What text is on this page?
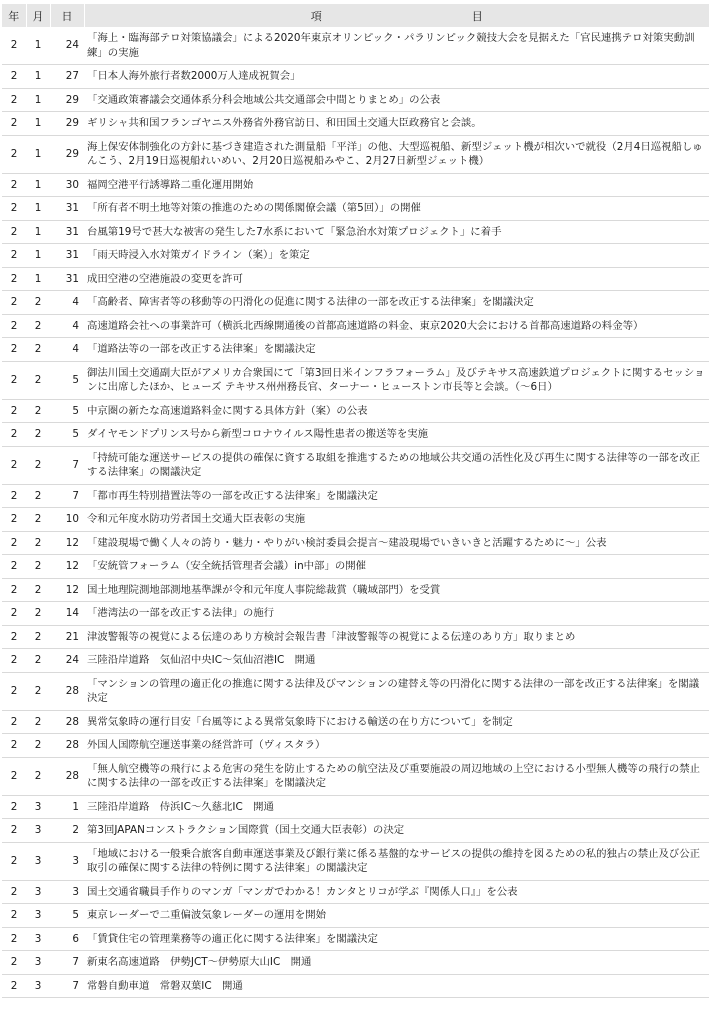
年	月	日	項 目
2	1	24	「海上・臨海部テロ対策協議会」による2020年東京オリンピック・パラリンピック競技大会を見据えた「官民連携テロ対策実動訓練」の実施
2	1	27	「日本人海外旅行者数2000万人達成祝賀会」
2	1	29	「交通政策審議会交通体系分科会地域公共交通部会中間とりまとめ」の公表
2	1	29	ギリシャ共和国フランゴヤニス外務省外務官訪日、和田国土交通大臣政務官と会談。
2	1	29	海上保安体制強化の方針に基づき建造された測量船「平洋」の他、大型巡視船、新型ジェット機が相次いで就役（2月4日巡視船しゅんこう、2月19日巡視船れいめい、2月20日巡視船みやこ、2月27日新型ジェット機）
2	1	30	福岡空港平行誘導路二重化運用開始
2	1	31	「所有者不明土地等対策の推進のための関係閣僚会議（第5回）」の開催
2	1	31	台風第19号で甚大な被害の発生した7水系において「緊急治水対策プロジェクト」に着手
2	1	31	「雨天時浸入水対策ガイドライン（案）」を策定
2	1	31	成田空港の空港施設の変更を許可
2	2	4	「高齢者、障害者等の移動等の円滑化の促進に関する法律の一部を改正する法律案」を閣議決定
2	2	4	高速道路会社への事業許可（横浜北西線開通後の首都高速道路の料金、東京2020大会における首都高速道路の料金等）
2	2	4	「道路法等の一部を改正する法律案」を閣議決定
2	2	5	御法川国土交通副大臣がアメリカ合衆国にて「第3回日米インフラフォーラム」及びテキサス高速鉄道プロジェクトに関するセッションに出席したほか、ヒューズ テキサス州州務長官、ターナー・ヒューストン市長等と会談。（～6日）
2	2	5	中京圏の新たな高速道路料金に関する具体方針（案）の公表
2	2	5	ダイヤモンドプリンス号から新型コロナウイルス陽性患者の搬送等を実施
2	2	7	「持続可能な運送サービスの提供の確保に資する取組を推進するための地域公共交通の活性化及び再生に関する法律等の一部を改正する法律案」の閣議決定
2	2	7	「都市再生特別措置法等の一部を改正する法律案」を閣議決定
2	2	10	令和元年度水防功労者国土交通大臣表彰の実施
2	2	12	「建設現場で働く人々の誇り・魅力・やりがい検討委員会提言～建設現場でいきいきと活躍するために～」公表
2	2	12	「安統管フォーラム（安全統括管理者会議）in中部」の開催
2	2	12	国土地理院測地部測地基準課が令和元年度人事院総裁賞（職域部門）を受賞
2	2	14	「港湾法の一部を改正する法律」の施行
2	2	21	津波警報等の視覚による伝達のあり方検討会報告書「津波警報等の視覚による伝達のあり方」取りまとめ
2	2	24	三陸沿岸道路　気仙沼中央IC～気仙沼港IC　開通
2	2	28	「マンションの管理の適正化の推進に関する法律及びマンションの建替え等の円滑化に関する法律の一部を改正する法律案」を閣議決定
2	2	28	異常気象時の運行目安「台風等による異常気象時下における輸送の在り方について」を制定
2	2	28	外国人国際航空運送事業の経営許可（ヴィスタラ）
2	2	28	「無人航空機等の飛行による危害の発生を防止するための航空法及び重要施設の周辺地域の上空における小型無人機等の飛行の禁止に関する法律の一部を改正する法律案」を閣議決定
2	3	1	三陸沿岸道路　侍浜IC～久慈北IC　開通
2	3	2	第3回JAPANコンストラクション国際賞（国土交通大臣表彰）の決定
2	3	3	「地域における一般乗合旅客自動車運送事業及び銀行業に係る基盤的なサービスの提供の維持を図るための私的独占の禁止及び公正取引の確保に関する法律の特例に関する法律案」の閣議決定
2	3	3	国土交通省職員手作りのマンガ「マンガでわかる！カンタとリコが学ぶ『関係人口』」を公表
2	3	5	東京レーダーで二重偏波気象レーダーの運用を開始
2	3	6	「賃貸住宅の管理業務等の適正化に関する法律案」を閣議決定
2	3	7	新東名高速道路　伊勢JCT～伊勢原大山IC　開通
2	3	7	常磐自動車道　常磐双葉IC　開通
